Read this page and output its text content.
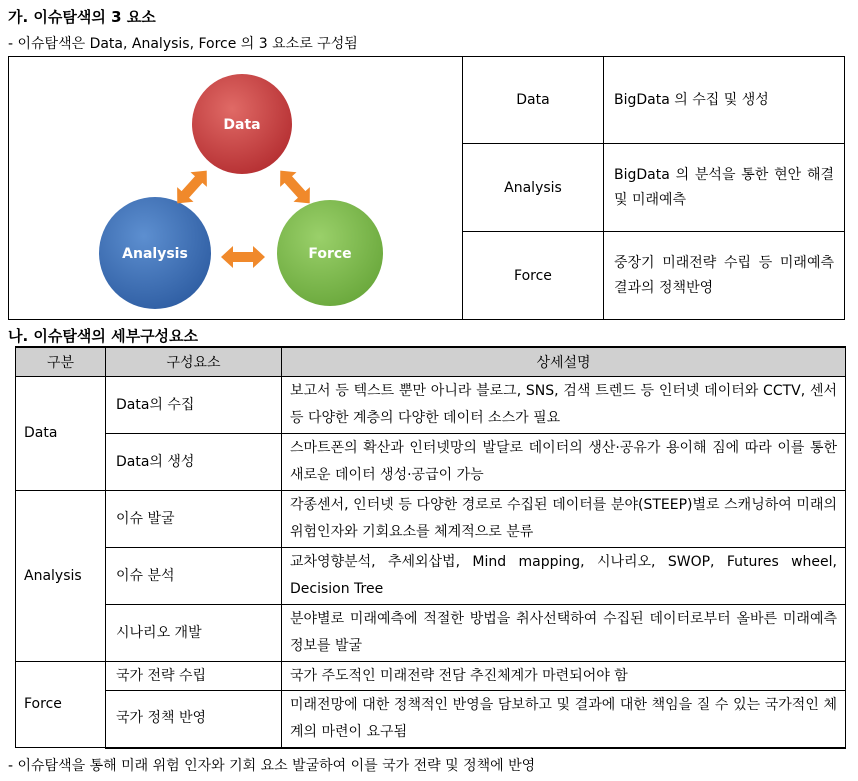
가. 이슈탐색의 3 요소
- 이슈탐색은 Data, Analysis, Force 의 3 요소로 구성됨
Data
Analysis Force	Data	BigData 의 수집 및 생성
	Analysis	BigData 의 분석을 통한 현안 해결 및 미래예측
	Force	중장기 미래전략 수립 등 미래예측 결과의 정책반영
나. 이슈탐색의 세부구성요소
구분	구성요소	상세설명
Data	Data의 수집	보고서 등 텍스트 뿐만 아니라 블로그, SNS, 검색 트렌드 등 인터넷 데이터와 CCTV, 센서 등 다양한 계층의 다양한 데이터 소스가 필요
	Data의 생성	스마트폰의 확산과 인터넷망의 발달로 데이터의 생산·공유가 용이해 짐에 따라 이를 통한 새로운 데이터 생성·공급이 가능
Analysis	이슈 발굴	각종센서, 인터넷 등 다양한 경로로 수집된 데이터를 분야(STEEP)별로 스캐닝하여 미래의 위험인자와 기회요소를 체계적으로 분류
	이슈 분석	교차영향분석, 추세외삽법, Mind mapping, 시나리오, SWOP, Futures wheel, Decision Tree
	시나리오 개발	분야별로 미래예측에 적절한 방법을 취사선택하여 수집된 데이터로부터 올바른 미래예측 정보를 발굴
Force	국가 전략 수립	국가 주도적인 미래전략 전담 추진체계가 마련되어야 함
	국가 정책 반영	미래전망에 대한 정책적인 반영을 담보하고 및 결과에 대한 책임을 질 수 있는 국가적인 체계의 마련이 요구됨
- 이슈탐색을 통해 미래 위험 인자와 기회 요소 발굴하여 이를 국가 전략 및 정책에 반영
